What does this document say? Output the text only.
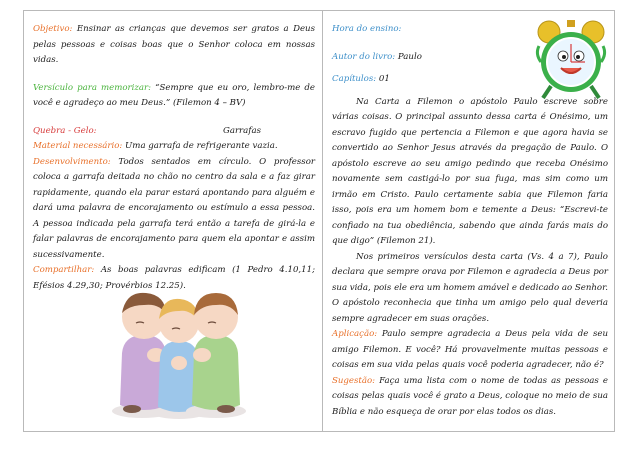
Objetivo: Ensinar as crianças que devemos ser gratos a Deus pelas pessoas e coisas boas que o Senhor coloca em nossas vidas.

Versículo para memorizar: “Sempre que eu oro, lembro-me de você e agradeço ao meu Deus.” (Filemon 4 – BV)

Quebra - Gelo:	Garrafas

Material necessário: Uma garrafa de refrigerante vazia.

Desenvolvimento: Todos sentados em círculo. O professor coloca a garrafa deitada no chão no centro da sala e a faz girar rapidamente, quando ela parar estará apontando para alguém e dará uma palavra de encorajamento ou estímulo a essa pessoa. A pessoa indicada pela garrafa terá então a tarefa de girá-la e falar palavras de encorajamento para quem ela apontar e assim sucessivamente.

Compartilhar: As boas palavras edificam (1 Pedro 4.10,11; Efésios 4.29,30; Provérbios 12.25).

Hora do ensino:

Autor do livro: Paulo

Capítulos: 01

Na Carta a Filemon o apóstolo Paulo escreve sobre várias coisas. O principal assunto dessa carta é Onésimo, um escravo fugido que pertencia a Filemon e que agora havia se convertido ao Senhor Jesus através da pregação de Paulo. O apóstolo escreve ao seu amigo pedindo que receba Onésimo novamente sem castigá-lo por sua fuga, mas sim como um irmão em Cristo. Paulo certamente sabia que Filemon faria isso, pois era um homem bom e temente a Deus: “Escrevi-te confiado na tua obediência, sabendo que ainda farás mais do que digo” (Filemon 21).

Nos primeiros versículos desta carta (Vs. 4 a 7), Paulo declara que sempre orava por Filemon e agradecia a Deus por sua vida, pois ele era um homem amável e dedicado ao Senhor. O apóstolo reconhecia que tinha um amigo pelo qual deveria sempre agradecer em suas orações.

Aplicação: Paulo sempre agradecia a Deus pela vida de seu amigo Filemon. E você? Há provavelmente muitas pessoas e coisas em sua vida pelas quais você poderia agradecer, não é?

Sugestão: Faça uma lista com o nome de todas as pessoas e coisas pelas quais você é grato a Deus, coloque no meio de sua Bíblia e não esqueça de orar por elas todos os dias.
